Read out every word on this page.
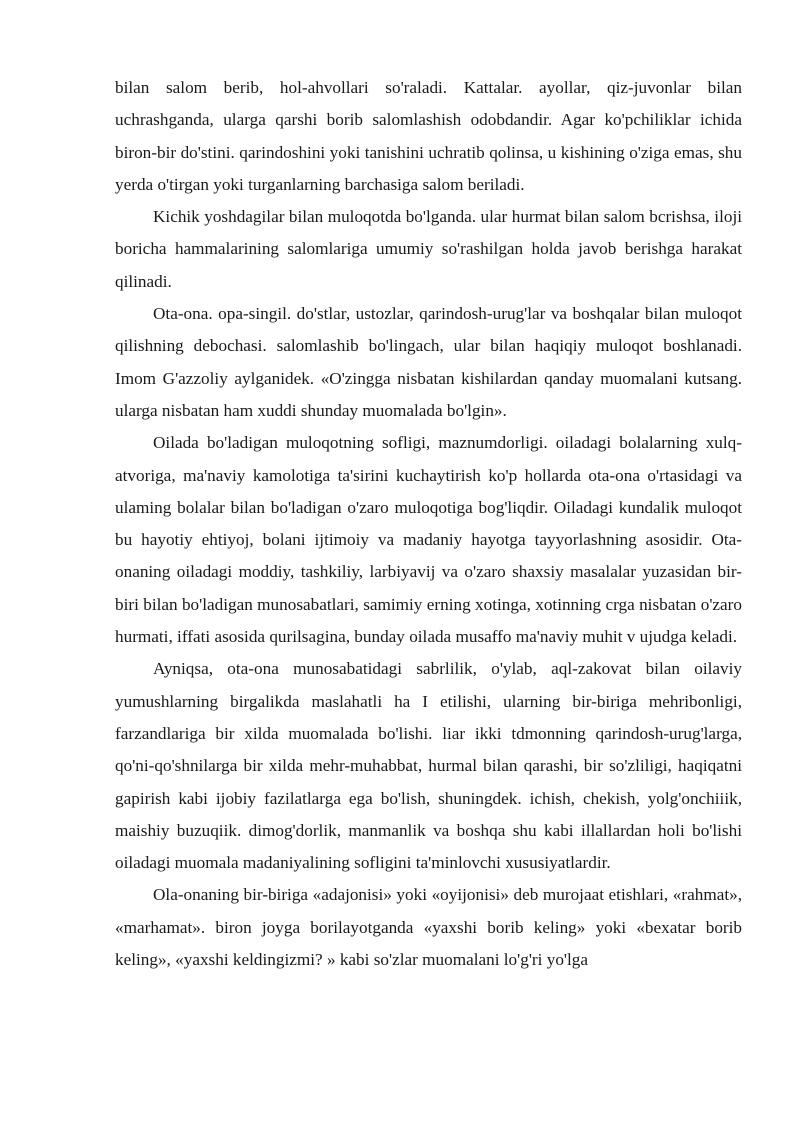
bilan salom berib, hol-ahvollari so'raladi. Kattalar. ayollar, qiz-juvonlar bilan uchrashganda, ularga qarshi borib salomlashish odobdandir. Agar ko'pchiliklar ichida biron-bir do'stini. qarindoshini yoki tanishini uchratib qolinsa, u kishining o'ziga emas, shu yerda o'tirgan yoki turganlarning barchasiga salom beriladi.

Kichik yoshdagilar bilan muloqotda bo'lganda. ular hurmat bilan salom bcrishsa, iloji boricha hammalarining salomlariga umumiy so'rashilgan holda javob berishga harakat qilinadi.

Ota-ona. opa-singil. do'stlar, ustozlar, qarindosh-urug'lar va boshqalar bilan muloqot qilishning debochasi. salomlashib bo'lingach, ular bilan haqiqiy muloqot boshlanadi. Imom G'azzoliy aylganidek. «O'zingga nisbatan kishilardan qanday muomalani kutsang. ularga nisbatan ham xuddi shunday muomalada bo'lgin».

Oilada bo'ladigan muloqotning sofligi, maznumdorligi. oiladagi bolalarning xulq-atvoriga, ma'naviy kamolotiga ta'sirini kuchaytirish ko'p hollarda ota-ona o'rtasidagi va ulaming bolalar bilan bo'ladigan o'zaro muloqotiga bog'liqdir. Oiladagi kundalik muloqot bu hayotiy ehtiyoj, bolani ijtimoiy va madaniy hayotga tayyorlashning asosidir. Ota-onaning oiladagi moddiy, tashkiliy, larbiyavij va o'zaro shaxsiy masalalar yuzasidan bir-biri bilan bo'ladigan munosabatlari, samimiy erning xotinga, xotinning crga nisbatan o'zaro hurmati, iffati asosida qurilsagina, bunday oilada musaffo ma'naviy muhit v ujudga keladi.

Ayniqsa, ota-ona munosabatidagi sabrlilik, o'ylab, aql-zakovat bilan oilaviy yumushlarning birgalikda maslahatli ha I etilishi, ularning bir-biriga mehribonligi, farzandlariga bir xilda muomalada bo'lishi. liar ikki tdmonning qarindosh-urug'larga, qo'ni-qo'shnilarga bir xilda mehr-muhabbat, hurmal bilan qarashi, bir so'zliligi, haqiqatni gapirish kabi ijobiy fazilatlarga ega bo'lish, shuningdek. ichish, chekish, yolg'onchiiik, maishiy buzuqiik. dimog'dorlik, manmanlik va boshqa shu kabi illallardan holi bo'lishi oiladagi muomala madaniyalining sofligini ta'minlovchi xususiyatlardir.

Ola-onaning bir-biriga «adajonisi» yoki «oyijonisi» deb murojaat etishlari, «rahmat», «marhamat». biron joyga borilayotganda «yaxshi borib keling» yoki «bexatar borib keling», «yaxshi keldingizmi? » kabi so'zlar muomalani lo'g'ri yo'lga
